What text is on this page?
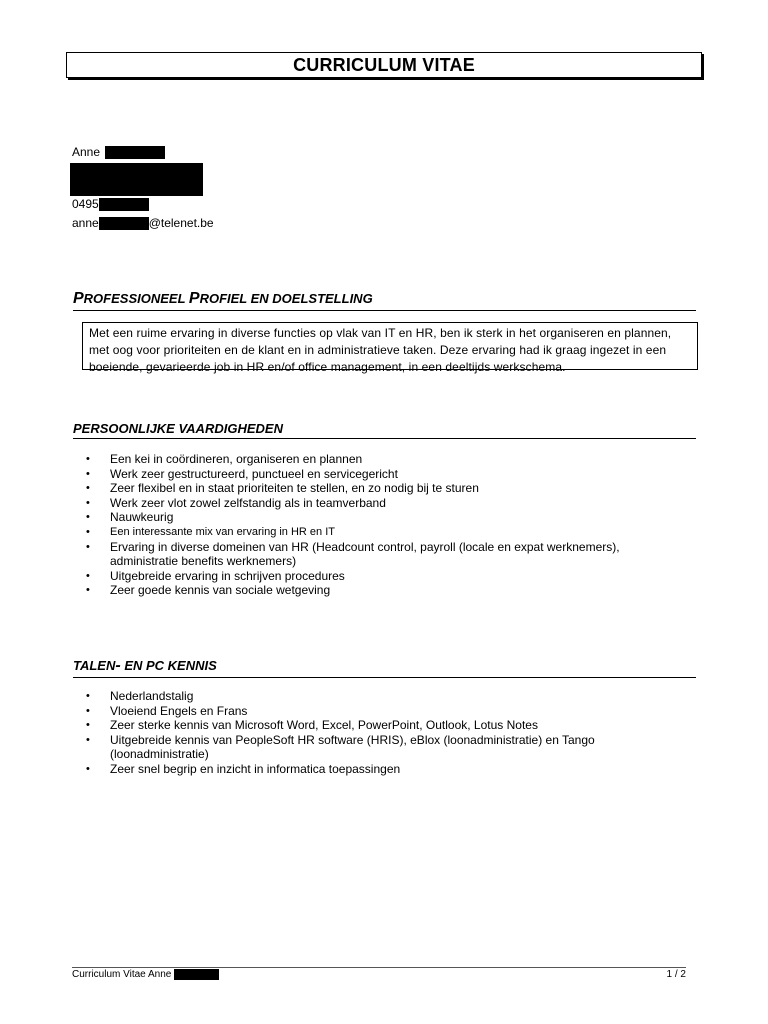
CURRICULUM VITAE
Anne
0495
anne	@telenet.be
PROFESSIONEEL PROFIEL EN DOELSTELLING
Met een ruime ervaring in diverse functies op vlak van IT en HR, ben ik sterk in het organiseren en plannen, met oog voor prioriteiten en de klant en in administratieve taken. Deze ervaring had ik graag ingezet in een boeiende, gevarieerde job in HR en/of office management, in een deeltijds werkschema.
PERSOONLIJKE VAARDIGHEDEN
• Een kei in coördineren, organiseren en plannen
• Werk zeer gestructureerd, punctueel en servicegericht
• Zeer flexibel en in staat prioriteiten te stellen, en zo nodig bij te sturen
• Werk zeer vlot zowel zelfstandig als in teamverband
• Nauwkeurig
• Een interessante mix van ervaring in HR en IT
• Ervaring in diverse domeinen van HR (Headcount control, payroll (locale en expat werknemers), administratie benefits werknemers)
• Uitgebreide ervaring in schrijven procedures
• Zeer goede kennis van sociale wetgeving
TALEN- EN PC KENNIS
• Nederlandstalig
• Vloeiend Engels en Frans
• Zeer sterke kennis van Microsoft Word, Excel, PowerPoint, Outlook, Lotus Notes
• Uitgebreide kennis van PeopleSoft HR software (HRIS), eBlox (loonadministratie) en Tango (loonadministratie)
• Zeer snel begrip en inzicht in informatica toepassingen
Curriculum Vitae Anne	1 / 2
